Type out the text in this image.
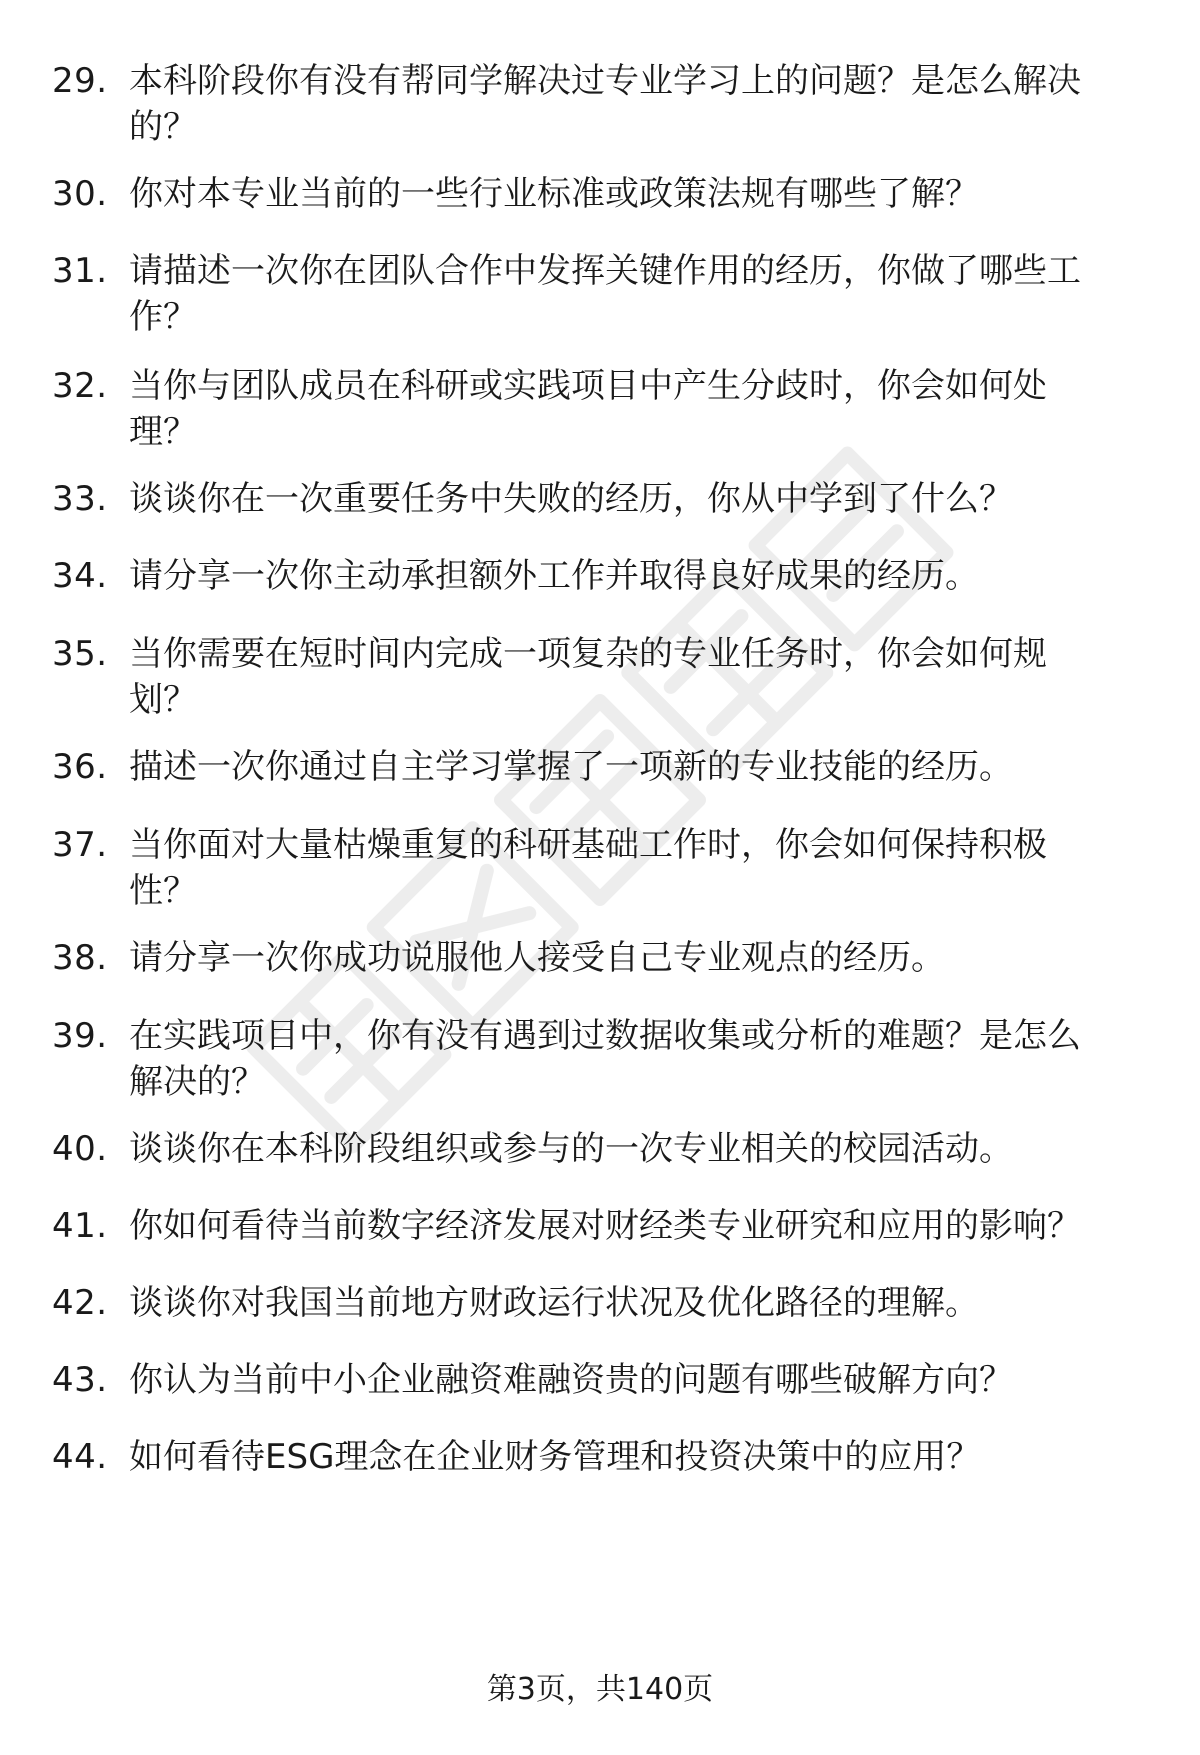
29. 本科阶段你有没有帮同学解决过专业学习上的问题？是怎么解决
的？
30. 你对本专业当前的一些行业标准或政策法规有哪些了解？
31. 请描述一次你在团队合作中发挥关键作用的经历，你做了哪些工
作？
32. 当你与团队成员在科研或实践项目中产生分歧时，你会如何处
理？
33. 谈谈你在一次重要任务中失败的经历，你从中学到了什么？
34. 请分享一次你主动承担额外工作并取得良好成果的经历。
35. 当你需要在短时间内完成一项复杂的专业任务时，你会如何规
划？
36. 描述一次你通过自主学习掌握了一项新的专业技能的经历。
37. 当你面对大量枯燥重复的科研基础工作时，你会如何保持积极
性？
38. 请分享一次你成功说服他人接受自己专业观点的经历。
39. 在实践项目中，你有没有遇到过数据收集或分析的难题？是怎么
解决的？
40. 谈谈你在本科阶段组织或参与的一次专业相关的校园活动。
41. 你如何看待当前数字经济发展对财经类专业研究和应用的影响？
42. 谈谈你对我国当前地方财政运行状况及优化路径的理解。
43. 你认为当前中小企业融资难融资贵的问题有哪些破解方向？
44. 如何看待ESG理念在企业财务管理和投资决策中的应用？
第3页，共140页
